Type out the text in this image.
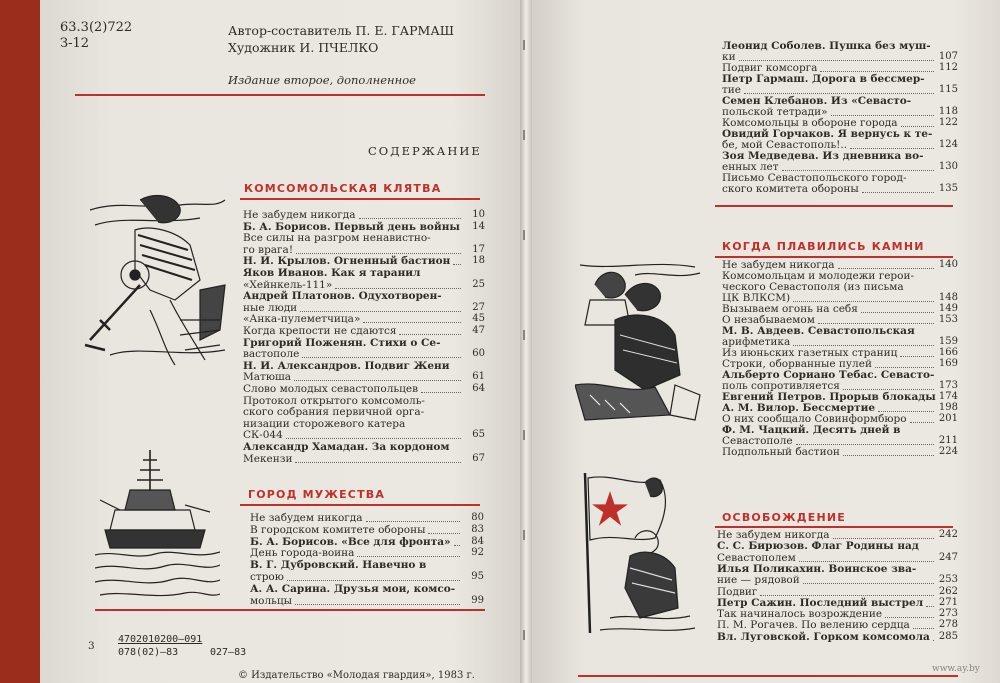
63.3(2)722
З-12
Автор-составитель П. Е. ГАРМАШ
Художник И. ПЧЕЛКО
Издание второе, дополненное
СОДЕРЖАНИЕ
КОМСОМОЛЬСКАЯ КЛЯТВА
Не забудем никогда	10
Б. А. Борисов. Первый день войны	14
Все силы на разгром ненавистно-
го врага!	17
Н. И. Крылов. Огненный бастион	18
Яков Иванов. Как я таранил
«Хейнкель-111»	25
Андрей Платонов. Одухотворен-
ные люди	27
«Анка-пулеметчица»	45
Когда крепости не сдаются	47
Григорий Поженян. Стихи о Се-
вастополе	60
Н. И. Александров. Подвиг Жени
Матюша	61
Слово молодых севастопольцев	64
Протокол открытого комсомоль-
ского собрания первичной орга-
низации сторожевого катера
СК-044	65
Александр Хамадан. За кордоном
Мекензи	67
ГОРОД МУЖЕСТВА
Не забудем никогда	80
В городском комитете обороны	83
Б. А. Борисов. «Все для фронта»	84
День города-воина	92
В. Г. Дубровский. Навечно в
строю	95
А. А. Сарина. Друзья мои, комсо-
мольцы	99
3
4702010200—091
078(02)—83	027—83
© Издательство «Молодая гвардия», 1983 г.
Леонид Соболев. Пушка без муш-
ки	107
Подвиг комсорга	112
Петр Гармаш. Дорога в бессмер-
тие	115
Семен Клебанов. Из «Севасто-
польской тетради»	118
Комсомольцы в обороне города	122
Овидий Горчаков. Я вернусь к те-
бе, мой Севастополь!..	124
Зоя Медведева. Из дневника во-
енных лет	130
Письмо Севастопольского город-
ского комитета обороны	135
КОГДА ПЛАВИЛИСЬ КАМНИ
Не забудем никогда	140
Комсомольцам и молодежи герои-
ческого Севастополя (из письма
ЦК ВЛКСМ)	148
Вызываем огонь на себя	149
О незабываемом	153
М. В. Авдеев. Севастопольская
арифметика	159
Из июньских газетных страниц	166
Строки, оборванные пулей	169
Альберто Сориано Тебас. Севасто-
поль сопротивляется	173
Евгений Петров. Прорыв блокады 174
А. М. Вилор. Бессмертие	198
О них сообщало Совинформбюро	201
Ф. М. Чацкий. Десять дней в
Севастополе	211
Подпольный бастион	224
ОСВОБОЖДЕНИЕ
Не забудем никогда	242
С. С. Бирюзов. Флаг Родины над
Севастополем	247
Илья Поликахин. Воинское зва-
ние — рядовой	253
Подвиг	262
Петр Сажин. Последний выстрел	271
Так начиналось возрождение	273
П. М. Рогачев. По велению сердца	278
Вл. Луговской. Горком комсомола 285
www.ay.by
